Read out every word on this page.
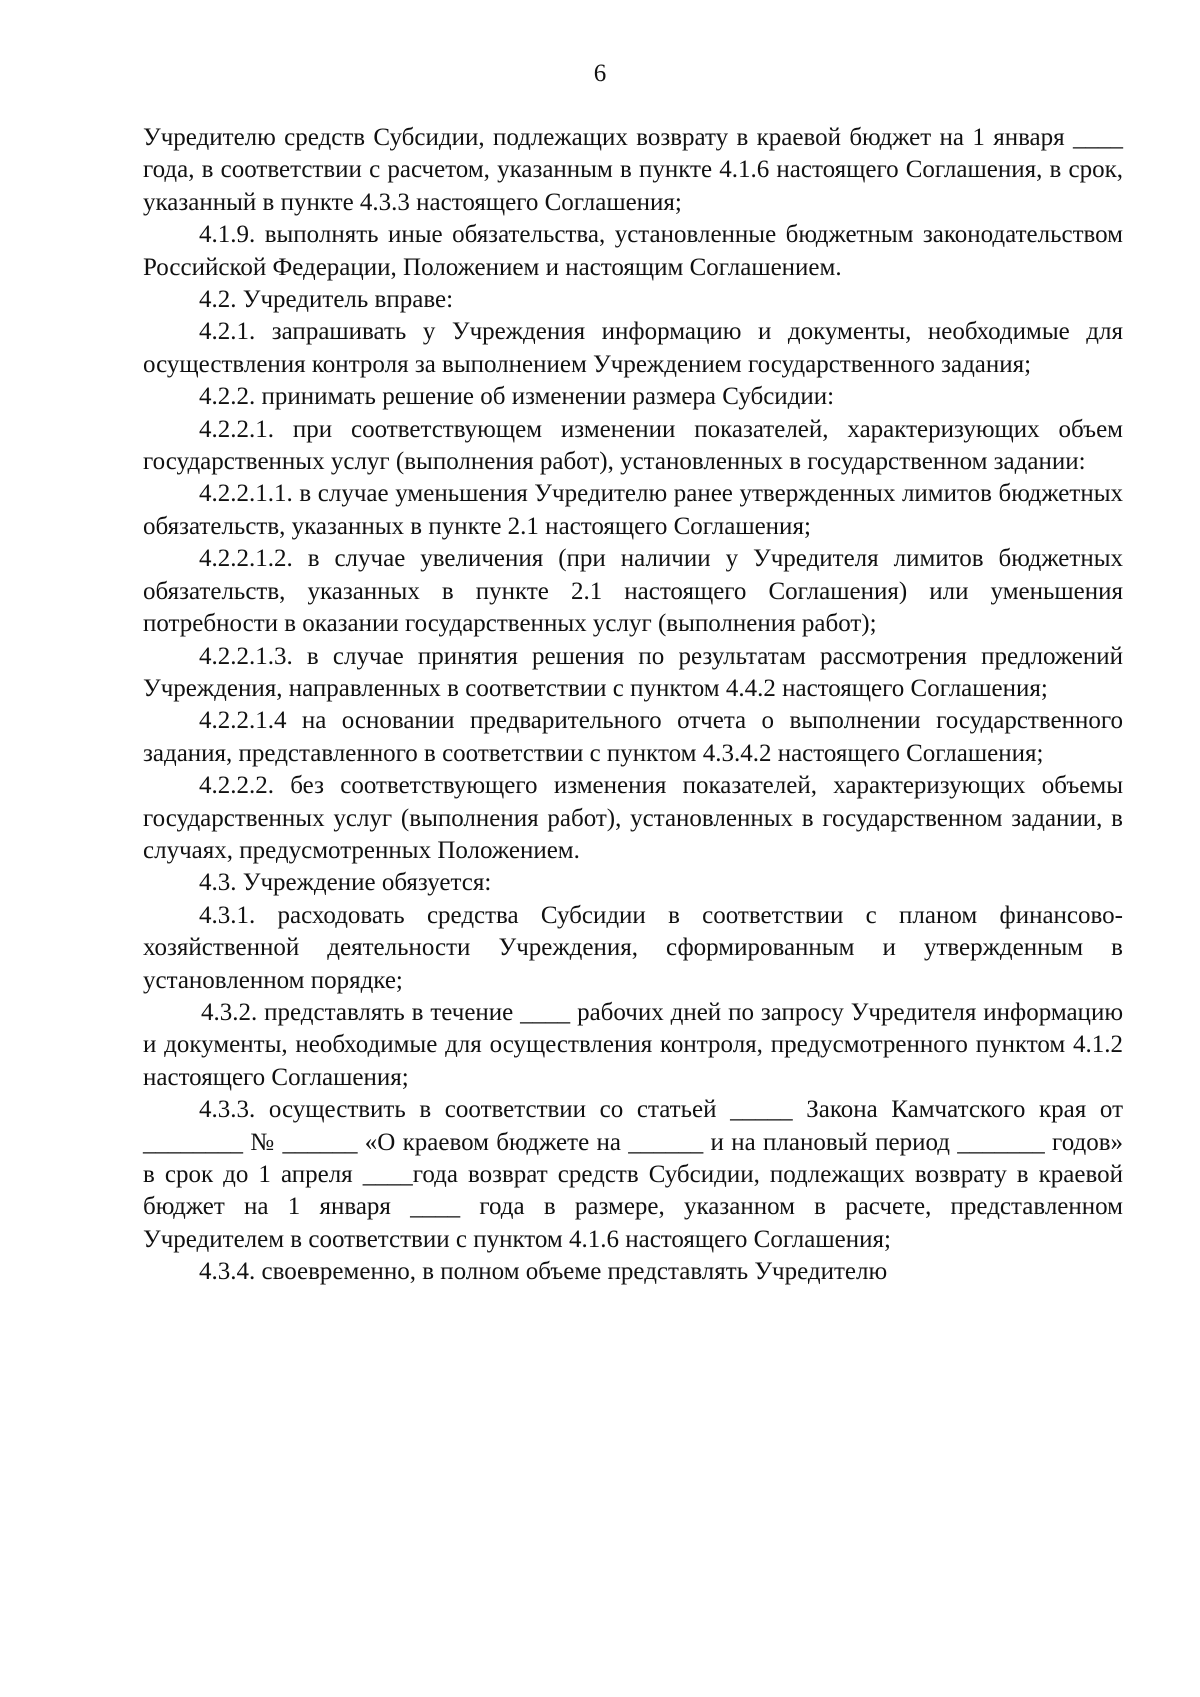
6

Учредителю средств Субсидии, подлежащих возврату в краевой бюджет на 1 января ____ года, в соответствии с расчетом, указанным в пункте 4.1.6 настоящего Соглашения, в срок, указанный в пункте 4.3.3 настоящего Соглашения;

4.1.9. выполнять иные обязательства, установленные бюджетным законодательством Российской Федерации, Положением и настоящим Соглашением.

4.2. Учредитель вправе:

4.2.1. запрашивать у Учреждения информацию и документы, необходимые для осуществления контроля за выполнением Учреждением государственного задания;

4.2.2. принимать решение об изменении размера Субсидии:

4.2.2.1. при соответствующем изменении показателей, характеризующих объем государственных услуг (выполнения работ), установленных в государственном задании:

4.2.2.1.1. в случае уменьшения Учредителю ранее утвержденных лимитов бюджетных обязательств, указанных в пункте 2.1 настоящего Соглашения;

4.2.2.1.2. в случае увеличения (при наличии у Учредителя лимитов бюджетных обязательств, указанных в пункте 2.1 настоящего Соглашения) или уменьшения потребности в оказании государственных услуг (выполнения работ);

4.2.2.1.3. в случае принятия решения по результатам рассмотрения предложений Учреждения, направленных в соответствии с пунктом 4.4.2 настоящего Соглашения;

4.2.2.1.4 на основании предварительного отчета о выполнении государственного задания, представленного в соответствии с пунктом 4.3.4.2 настоящего Соглашения;

4.2.2.2. без соответствующего изменения показателей, характеризующих объемы государственных услуг (выполнения работ), установленных в государственном задании, в случаях, предусмотренных Положением.

4.3. Учреждение обязуется:

4.3.1. расходовать средства Субсидии в соответствии с планом финансово-хозяйственной деятельности Учреждения, сформированным и утвержденным в установленном порядке;

4.3.2. представлять в течение ____ рабочих дней по запросу Учредителя информацию и документы, необходимые для осуществления контроля, предусмотренного пунктом 4.1.2 настоящего Соглашения;

4.3.3. осуществить в соответствии со статьей _____ Закона Камчатского края от ________ № ______ «О краевом бюджете на ______ и на плановый период _______ годов» в срок до 1 апреля ____года возврат средств Субсидии, подлежащих возврату в краевой бюджет на 1 января ____ года в размере, указанном в расчете, представленном Учредителем в соответствии с пунктом 4.1.6 настоящего Соглашения;

4.3.4. своевременно, в полном объеме представлять Учредителю
